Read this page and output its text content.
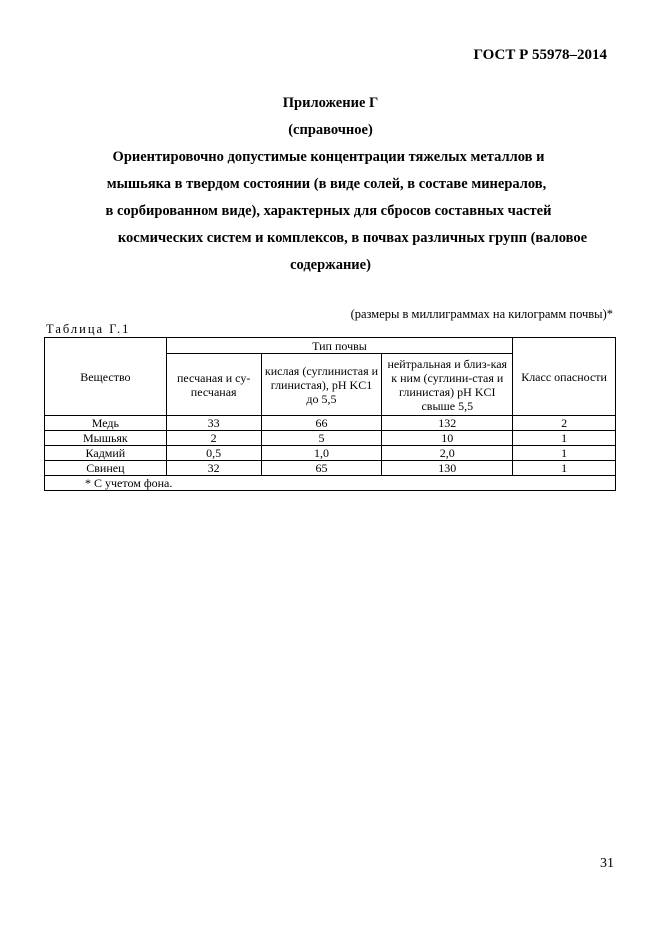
ГОСТ Р 55978–2014
Приложение Г
(справочное)
Ориентировочно допустимые концентрации тяжелых металлов и
мышьяка в твердом состоянии (в виде солей, в составе минералов,
в сорбированном виде), характерных для сбросов составных частей
космических систем и комплексов, в почвах различных групп (валовое
содержание)
(размеры в миллиграммах на килограмм почвы)*
Таблица Г.1
Вещество	Тип почвы			Класс опасности
	песчаная и су-песчаная	кислая (суглинистая и глинистая), pH KC1 до 5,5	нейтральная и близ-кая к ним (суглини-стая и глинистая) pH KCI свыше 5,5	
Медь	33	66	132	2
Мышьяк	2	5	10	1
Кадмий	0,5	1,0	2,0	1
Свинец	32	65	130	1
* С учетом фона.				
31
